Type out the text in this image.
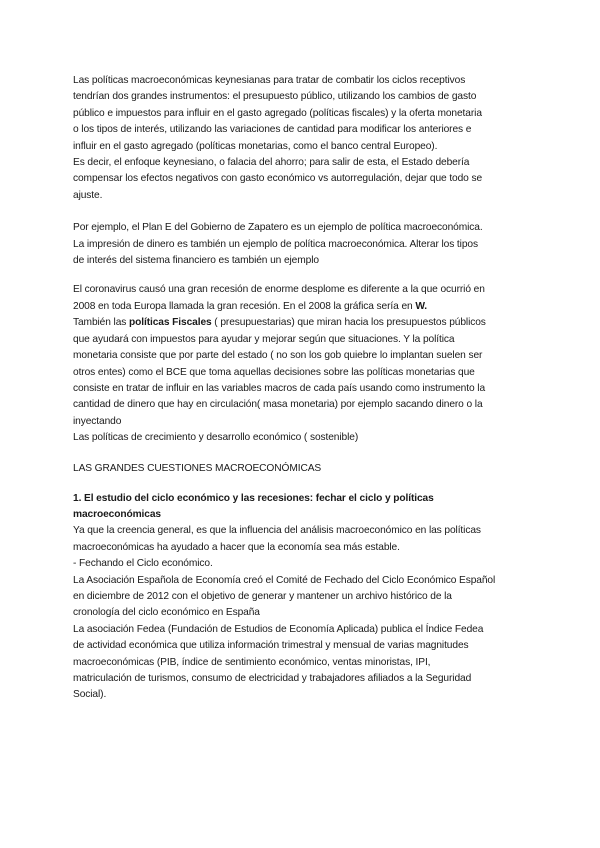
Las políticas macroeconómicas keynesianas para tratar de combatir los ciclos receptivos
tendrían dos grandes instrumentos: el presupuesto público, utilizando los cambios de gasto
público e impuestos para influir en el gasto agregado (políticas fiscales) y la oferta monetaria
o los tipos de interés, utilizando las variaciones de cantidad para modificar los anteriores e
influir en el gasto agregado (políticas monetarias, como el banco central Europeo).
Es decir, el enfoque keynesiano, o falacia del ahorro; para salir de esta, el Estado debería
compensar los efectos negativos con gasto económico vs autorregulación, dejar que todo se
ajuste.
Por ejemplo, el Plan E del Gobierno de Zapatero es un ejemplo de política macroeconómica.
La impresión de dinero es también un ejemplo de política macroeconómica. Alterar los tipos
de interés del sistema financiero es también un ejemplo
El coronavirus causó una gran recesión de enorme desplome es diferente a la que ocurrió en
2008 en toda Europa llamada la gran recesión. En el 2008 la gráfica sería en W.
También las políticas Fiscales ( presupuestarias) que miran hacia los presupuestos públicos
que ayudará con impuestos para ayudar y mejorar según que situaciones. Y la política
monetaria consiste que por parte del estado ( no son los gob quiebre lo implantan suelen ser
otros entes) como el BCE que toma aquellas decisiones sobre las políticas monetarias que
consiste en tratar de influir en las variables macros de cada país usando como instrumento la
cantidad de dinero que hay en circulación( masa monetaria) por ejemplo sacando dinero o la
inyectando
Las políticas de crecimiento y desarrollo económico ( sostenible)
LAS GRANDES CUESTIONES MACROECONÓMICAS
1. El estudio del ciclo económico y las recesiones: fechar el ciclo y políticas
macroeconómicas
Ya que la creencia general, es que la influencia del análisis macroeconómico en las políticas
macroeconómicas ha ayudado a hacer que la economía sea más estable.
- Fechando el Ciclo económico.
La Asociación Española de Economía creó el Comité de Fechado del Ciclo Económico Español
en diciembre de 2012 con el objetivo de generar y mantener un archivo histórico de la
cronología del ciclo económico en España
La asociación Fedea (Fundación de Estudios de Economía Aplicada) publica el Índice Fedea
de actividad económica que utiliza información trimestral y mensual de varias magnitudes
macroeconómicas (PIB, índice de sentimiento económico, ventas minoristas, IPI,
matriculación de turismos, consumo de electricidad y trabajadores afiliados a la Seguridad
Social).
